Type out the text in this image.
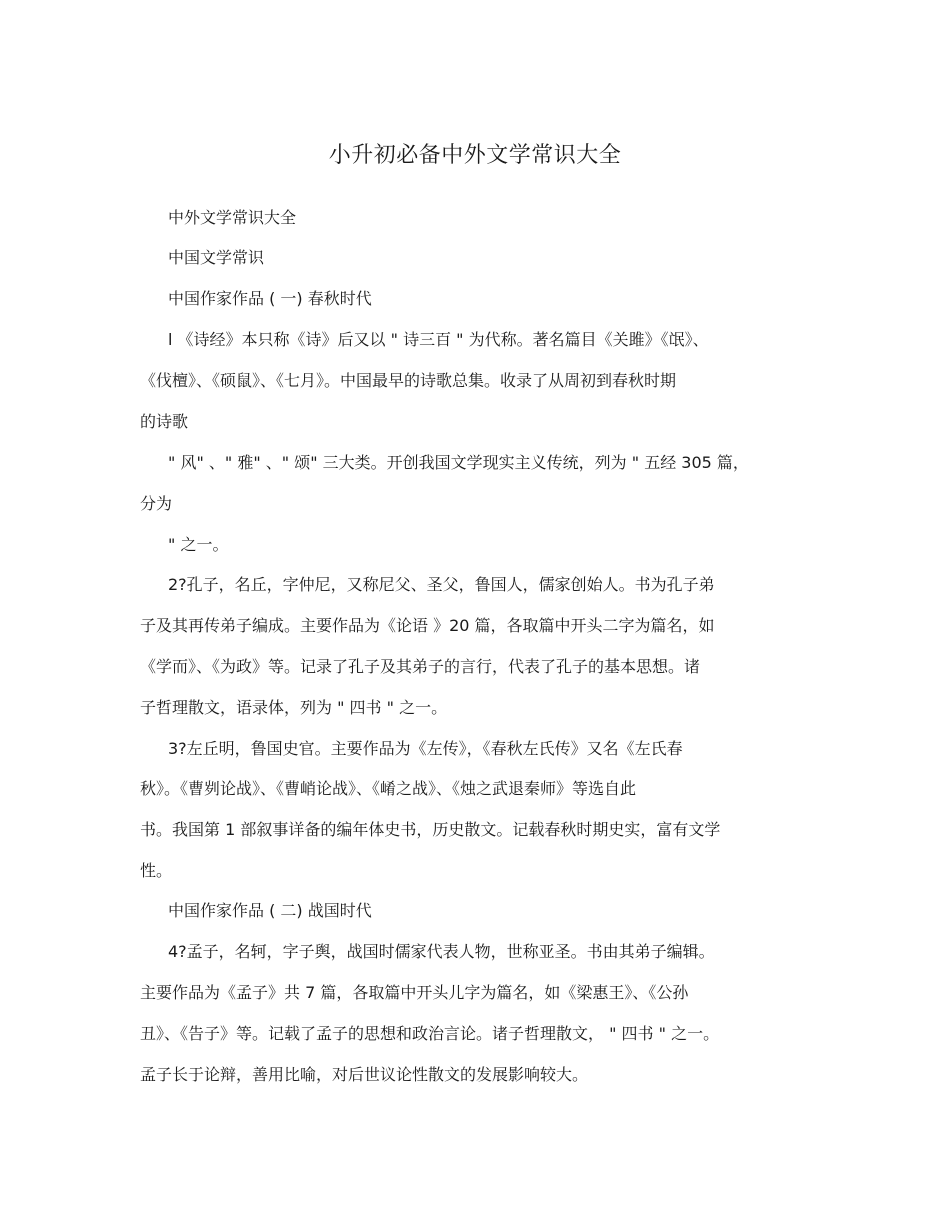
小升初必备中外文学常识大全
中外文学常识大全
中国文学常识
中国作家作品 ( 一) 春秋时代
l 《诗经》本只称《诗》后又以 " 诗三百 " 为代称。著名篇目《关雎》《氓》、
《伐檀》、《硕鼠》、《七月》。中国最早的诗歌总集。收录了从周初到春秋时期
的诗歌
" 风" 、" 雅" 、" 颂" 三大类。开创我国文学现实主义传统，列为 " 五经 305 篇，
分为
" 之一。
2?孔子，名丘，字仲尼，又称尼父、圣父，鲁国人，儒家创始人。书为孔子弟
子及其再传弟子编成。主要作品为《论语 》20 篇，各取篇中开头二字为篇名，如
《学而》、《为政》等。记录了孔子及其弟子的言行，代表了孔子的基本思想。诸
子哲理散文，语录体，列为 " 四书 " 之一。
3?左丘明，鲁国史官。主要作品为《左传》，《春秋左氏传》又名《左氏春
秋》。《曹刿论战》、《曹峭论战》、《崤之战》、《烛之武退秦师》等选自此
书。我国第 1 部叙事详备的编年体史书，历史散文。记载春秋时期史实，富有文学
性。
中国作家作品 ( 二) 战国时代
4?孟子，名轲，字子舆，战国时儒家代表人物，世称亚圣。书由其弟子编辑。
主要作品为《孟子》共 7 篇，各取篇中开头儿字为篇名，如《梁惠王》、《公孙
丑》、《告子》等。记载了孟子的思想和政治言论。诸子哲理散文， " 四书 " 之一。
孟子长于论辩，善用比喻，对后世议论性散文的发展影响较大。
